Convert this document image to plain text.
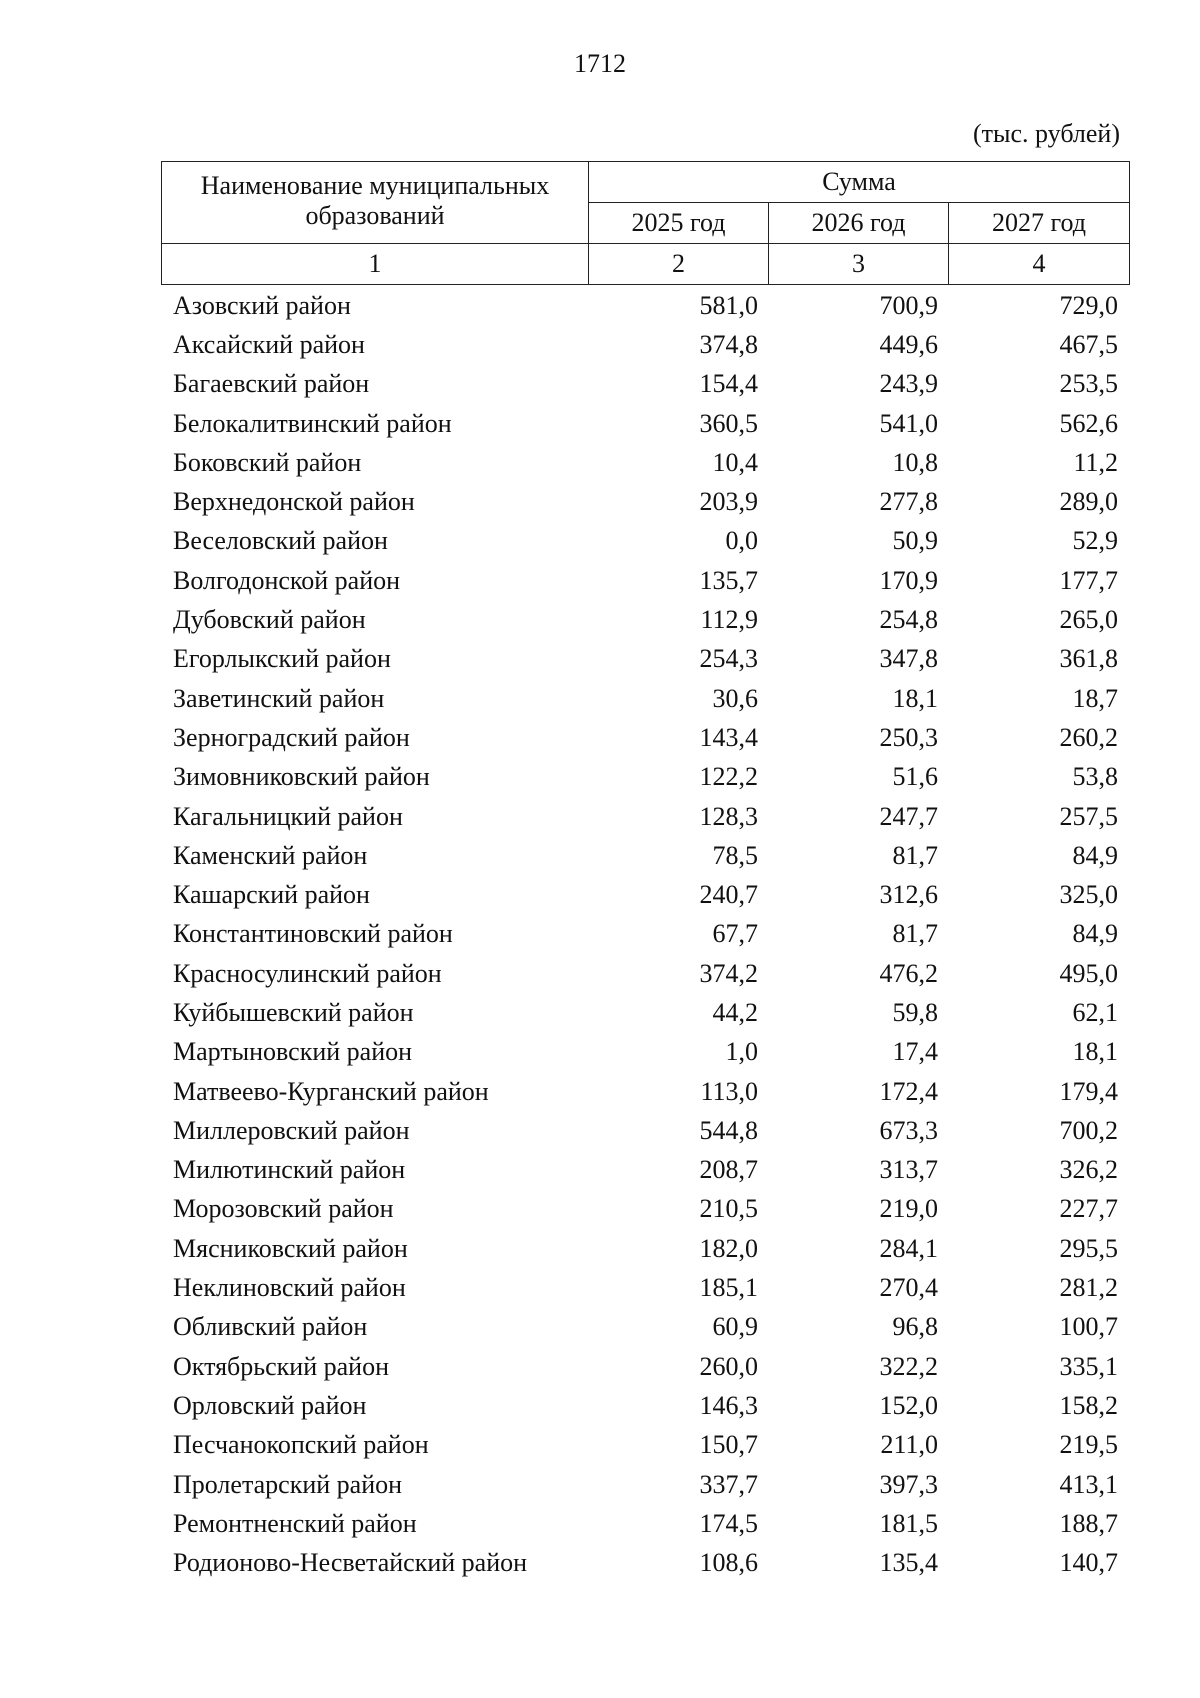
1712
(тыс. рублей)
Наименование муниципальных образований	Сумма		
	2025 год	2026 год	2027 год
1	2	3	4
Азовский район	581,0	700,9	729,0
Аксайский район	374,8	449,6	467,5
Багаевский район	154,4	243,9	253,5
Белокалитвинский район	360,5	541,0	562,6
Боковский район	10,4	10,8	11,2
Верхнедонской район	203,9	277,8	289,0
Веселовский район	0,0	50,9	52,9
Волгодонской район	135,7	170,9	177,7
Дубовский район	112,9	254,8	265,0
Егорлыкский район	254,3	347,8	361,8
Заветинский район	30,6	18,1	18,7
Зерноградский район	143,4	250,3	260,2
Зимовниковский район	122,2	51,6	53,8
Кагальницкий район	128,3	247,7	257,5
Каменский район	78,5	81,7	84,9
Кашарский район	240,7	312,6	325,0
Константиновский район	67,7	81,7	84,9
Красносулинский район	374,2	476,2	495,0
Куйбышевский район	44,2	59,8	62,1
Мартыновский район	1,0	17,4	18,1
Матвеево-Курганский район	113,0	172,4	179,4
Миллеровский район	544,8	673,3	700,2
Милютинский район	208,7	313,7	326,2
Морозовский район	210,5	219,0	227,7
Мясниковский район	182,0	284,1	295,5
Неклиновский район	185,1	270,4	281,2
Обливский район	60,9	96,8	100,7
Октябрьский район	260,0	322,2	335,1
Орловский район	146,3	152,0	158,2
Песчанокопский район	150,7	211,0	219,5
Пролетарский район	337,7	397,3	413,1
Ремонтненский район	174,5	181,5	188,7
Родионово-Несветайский район	108,6	135,4	140,7
